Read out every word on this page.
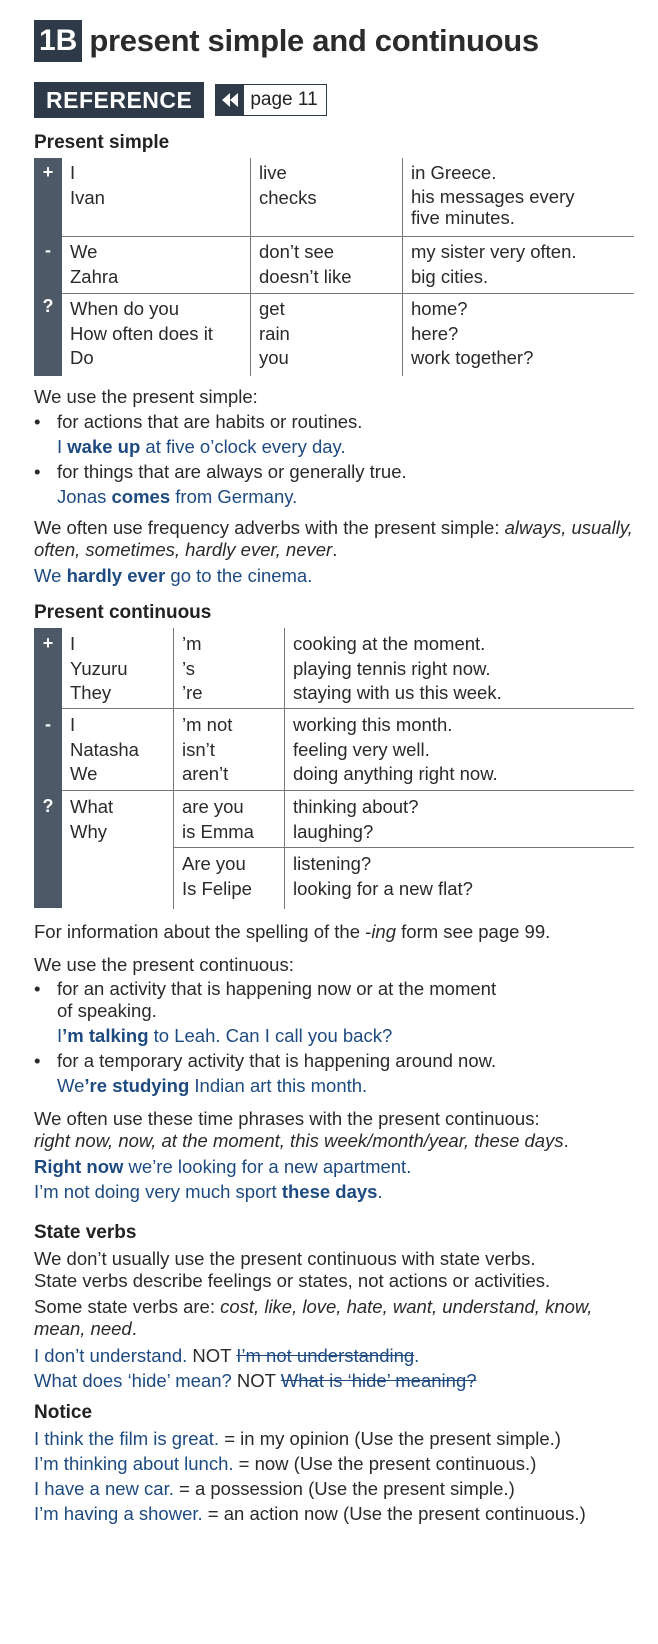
1B present simple and continuous
REFERENCE	page 11
Present simple
+
-
?
I
Ivan
live
checks
in Greece.
his messages every
five minutes.
We
Zahra
don’t see
doesn’t like
my sister very often.
big cities.
When do you
How often does it
Do
get
rain
you
home?
here?
work together?

We use the present simple:

• for actions that are habits or routines.

I wake up at five o’clock every day.

• for things that are always or generally true.

Jonas comes from Germany.

We often use frequency adverbs with the present simple: always, usually, often, sometimes, hardly ever, never.

We hardly ever go to the cinema.

Present continuous
+
-
?
I
Yuzuru
They
’m
’s
’re
cooking at the moment.
playing tennis right now.
staying with us this week.
I
Natasha
We
’m not
isn’t
aren’t
working this month.
feeling very well.
doing anything right now.
What
Why
are you
is Emma
thinking about?
laughing?
Are you
Is Felipe
listening?
looking for a new flat?

For information about the spelling of the -ing form see page 99.

We use the present continuous:

• for an activity that is happening now or at the moment
of speaking.

I’m talking to Leah. Can I call you back?

• for a temporary activity that is happening around now.

We’re studying Indian art this month.

We often use these time phrases with the present continuous:
right now, now, at the moment, this week/month/year, these days.

Right now we’re looking for a new apartment.

I’m not doing very much sport these days.

State verbs

We don’t usually use the present continuous with state verbs.

State verbs describe feelings or states, not actions or activities.

Some state verbs are: cost, like, love, hate, want, understand, know,
mean, need.

I don’t understand. NOT I’m not understanding.

What does ‘hide’ mean? NOT What is ‘hide’ meaning?

Notice

I think the film is great. = in my opinion (Use the present simple.)

I’m thinking about lunch. = now (Use the present continuous.)

I have a new car. = a possession (Use the present simple.)

I’m having a shower. = an action now (Use the present continuous.)
